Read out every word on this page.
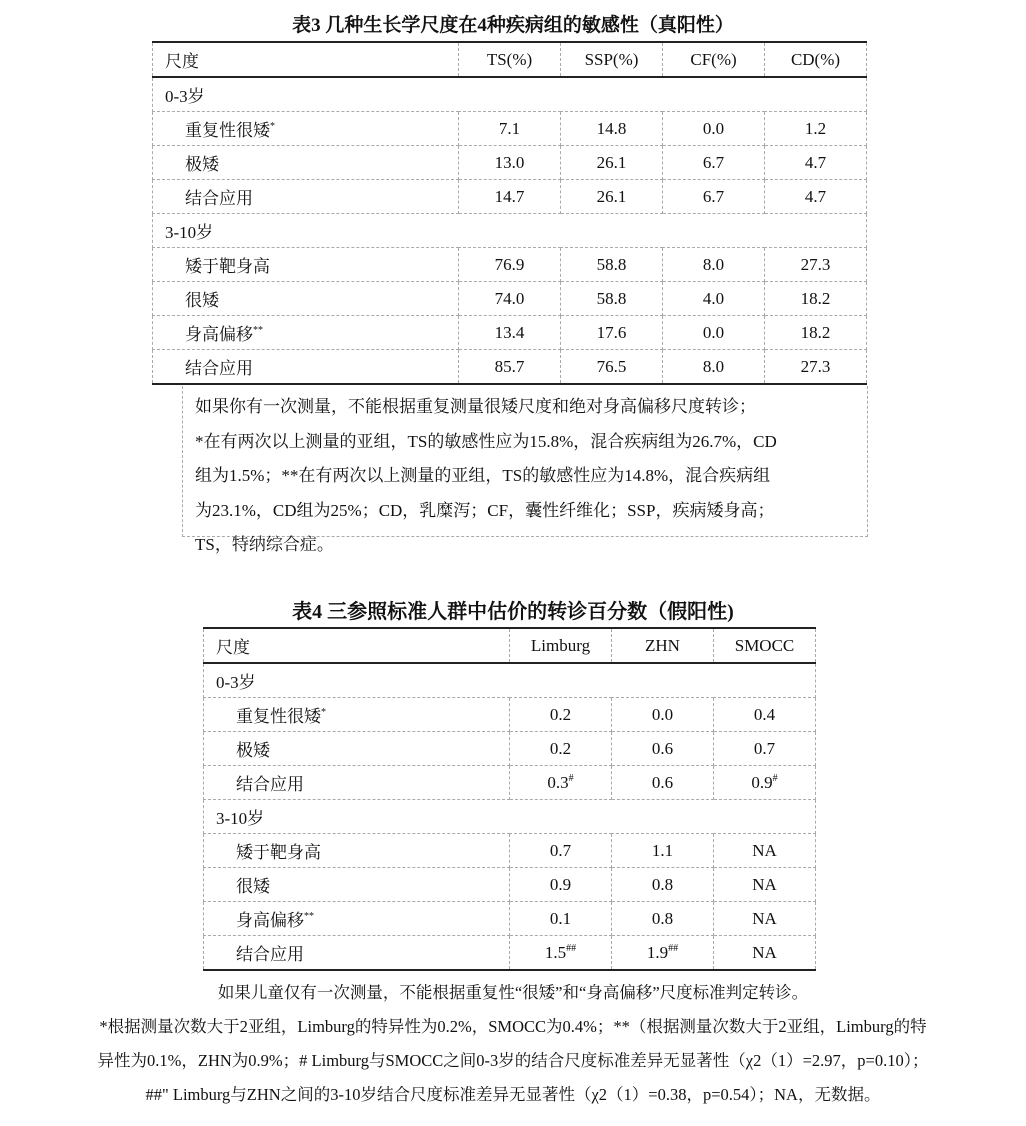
表3 几种生长学尺度在4种疾病组的敏感性（真阳性）
尺度	TS(%)	SSP(%)	CF(%)	CD(%)
0-3岁				
重复性很矮*	7.1	14.8	0.0	1.2
极矮	13.0	26.1	6.7	4.7
结合应用	14.7	26.1	6.7	4.7
3-10岁				
矮于靶身高	76.9	58.8	8.0	27.3
很矮	74.0	58.8	4.0	18.2
身高偏移**	13.4	17.6	0.0	18.2
结合应用	85.7	76.5	8.0	27.3
如果你有一次测量，不能根据重复测量很矮尺度和绝对身高偏移尺度转诊；
*在有两次以上测量的亚组，TS的敏感性应为15.8%，混合疾病组为26.7%，CD
组为1.5%；**在有两次以上测量的亚组，TS的敏感性应为14.8%，混合疾病组
为23.1%，CD组为25%；CD，乳糜泻；CF，囊性纤维化；SSP，疾病矮身高；
TS，特纳综合症。
表4 三参照标准人群中估价的转诊百分数（假阳性)
尺度	Limburg	ZHN	SMOCC
0-3岁			
重复性很矮*	0.2	0.0	0.4
极矮	0.2	0.6	0.7
结合应用	0.3#	0.6	0.9#
3-10岁			
矮于靶身高	0.7	1.1	NA
很矮	0.9	0.8	NA
身高偏移**	0.1	0.8	NA
结合应用	1.5##	1.9##	NA
如果儿童仅有一次测量，不能根据重复性“很矮”和“身高偏移”尺度标准判定转诊。
*根据测量次数大于2亚组，Limburg的特异性为0.2%，SMOCC为0.4%；**（根据测量次数大于2亚组，Limburg的特
异性为0.1%，ZHN为0.9%；# Limburg与SMOCC之间0-3岁的结合尺度标准差异无显著性（χ2（1）=2.97，p=0.10）；
##" Limburg与ZHN之间的3-10岁结合尺度标准差异无显著性（χ2（1）=0.38，p=0.54）；NA，无数据。
